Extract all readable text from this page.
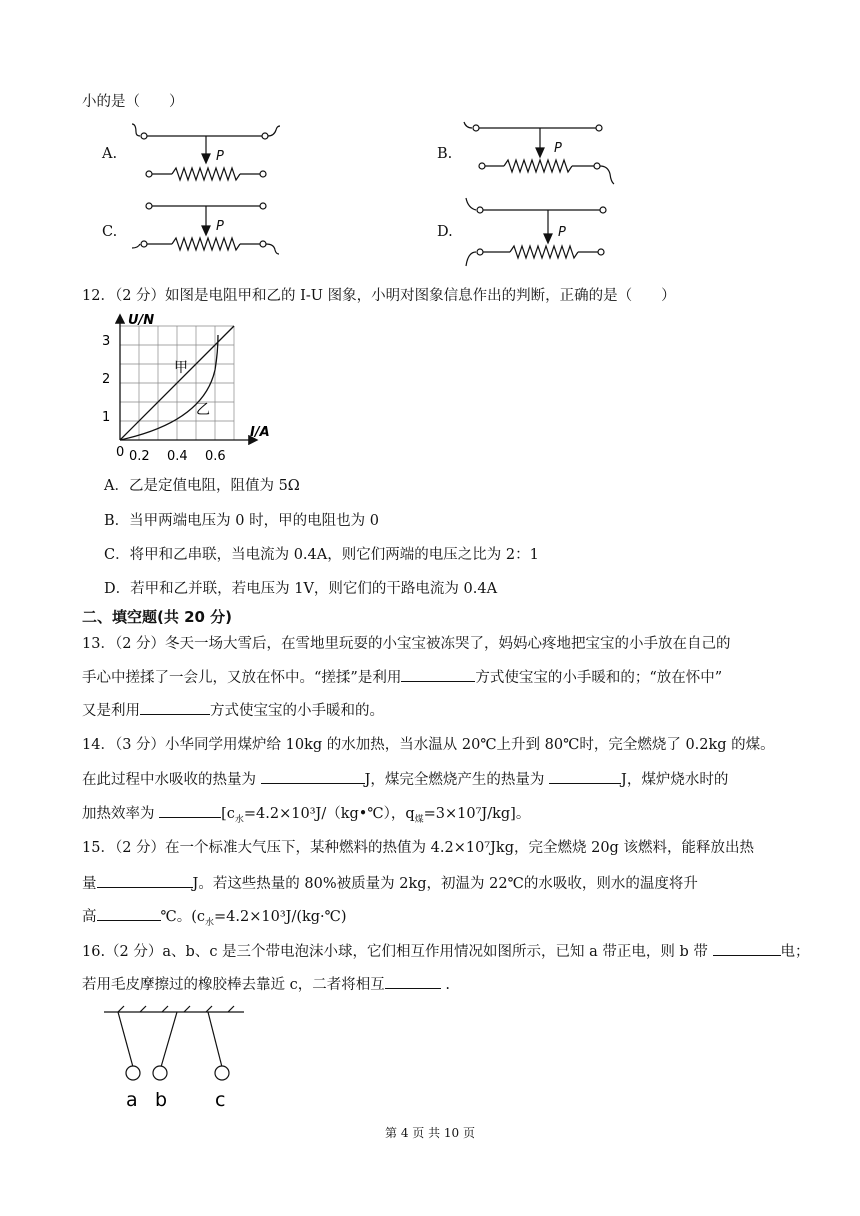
小的是（　　）
A.	B.
C.	D.
P
P
P	P
12．（2 分）如图是电阻甲和乙的 I-U 图象，小明对图象信息作出的判断，正确的是（　　）
U/N
I/A
3
2
1
0 0.2 0.4 0.6
甲
乙
A．乙是定值电阻，阻值为 5Ω
B．当甲两端电压为 0 时，甲的电阻也为 0
C．将甲和乙串联，当电流为 0.4A，则它们两端的电压之比为 2：1
D．若甲和乙并联，若电压为 1V，则它们的干路电流为 0.4A
二、填空题(共 20 分)
13．（2 分）冬天一场大雪后，在雪地里玩耍的小宝宝被冻哭了，妈妈心疼地把宝宝的小手放在自己的
手心中搓揉了一会儿，又放在怀中。“搓揉”是利用	方式使宝宝的小手暖和的；“放在怀中”
又是利用	方式使宝宝的小手暖和的。
14．（3 分）小华同学用煤炉给 10kg 的水加热，当水温从 20℃上升到 80℃时，完全燃烧了 0.2kg 的煤。
在此过程中水吸收的热量为	J，煤完全燃烧产生的热量为	J，煤炉烧水时的
加热效率为	[$c_水=4.2\times 10^3J/(kg•℃)$，$q_煤=3\times 10^7J/kg$]。
15．（2 分）在一个标准大气压下，某种燃料的热值为 4.2×10⁷Jkg，完全燃烧 20g 该燃料，能释放出热
量	J。若这些热量的 80%被质量为 2kg，初温为 22℃的水吸收，则水的温度将升
高	℃。($c_水=4.2\times 10^3J/(kg\cdot℃)$
16.（2 分）a、b、c 是三个带电泡沫小球，它们相互作用情况如图所示，已知 a 带正电，则 b 带	电；
若用毛皮摩擦过的橡胶棒去靠近 c，二者将相互	.
a b	c
第 4 页 共 10 页
